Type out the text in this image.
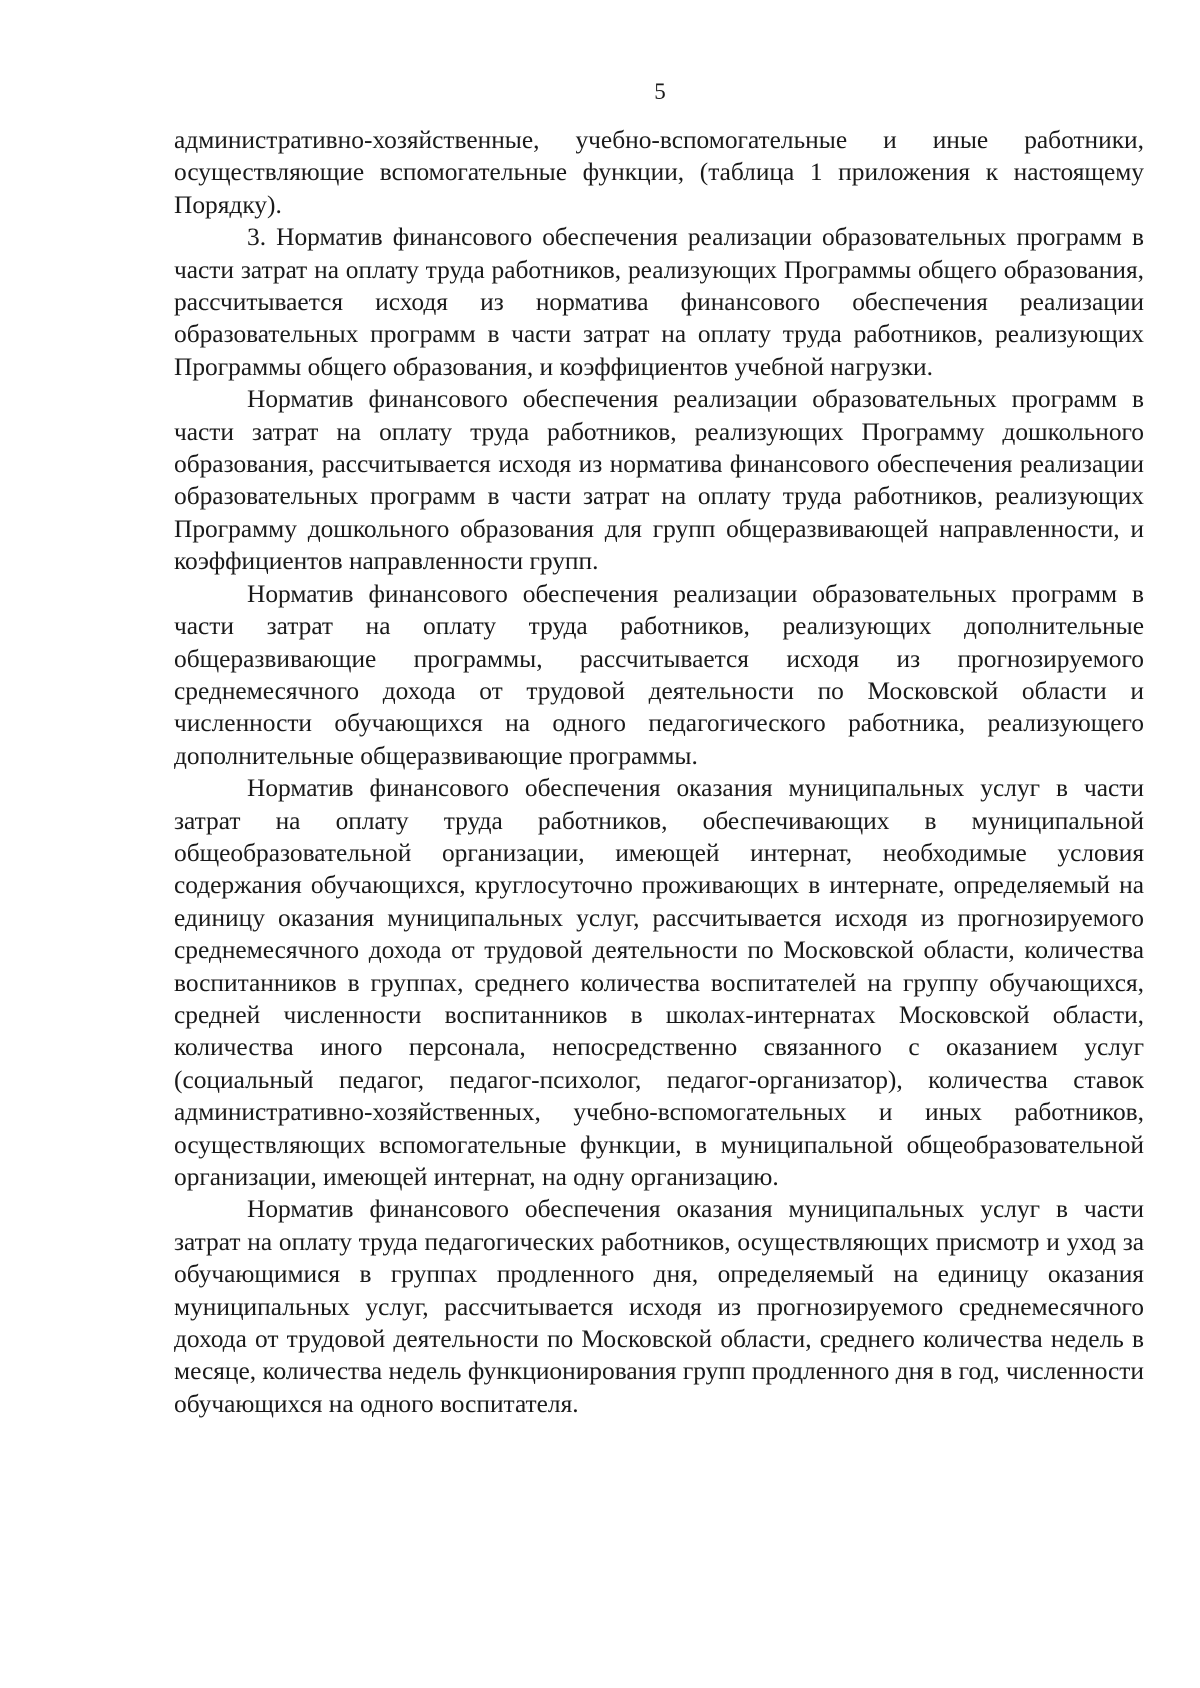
5

административно-хозяйственные, учебно-вспомогательные и иные работники, осуществляющие вспомогательные функции, (таблица 1 приложения к настоящему Порядку).

3. Норматив финансового обеспечения реализации образовательных программ в части затрат на оплату труда работников, реализующих Программы общего образования, рассчитывается исходя из норматива финансового обеспечения реализации образовательных программ в части затрат на оплату труда работников, реализующих Программы общего образования, и коэффициентов учебной нагрузки.

Норматив финансового обеспечения реализации образовательных программ в части затрат на оплату труда работников, реализующих Программу дошкольного образования, рассчитывается исходя из норматива финансового обеспечения реализации образовательных программ в части затрат на оплату труда работников, реализующих Программу дошкольного образования для групп общеразвивающей направленности, и коэффициентов направленности групп.

Норматив финансового обеспечения реализации образовательных программ в части затрат на оплату труда работников, реализующих дополнительные общеразвивающие программы, рассчитывается исходя из прогнозируемого среднемесячного дохода от трудовой деятельности по Московской области и численности обучающихся на одного педагогического работника, реализующего дополнительные общеразвивающие программы.

Норматив финансового обеспечения оказания муниципальных услуг в части затрат на оплату труда работников, обеспечивающих в муниципальной общеобразовательной организации, имеющей интернат, необходимые условия содержания обучающихся, круглосуточно проживающих в интернате, определяемый на единицу оказания муниципальных услуг, рассчитывается исходя из прогнозируемого среднемесячного дохода от трудовой деятельности по Московской области, количества воспитанников в группах, среднего количества воспитателей на группу обучающихся, средней численности воспитанников в школах-интернатах Московской области, количества иного персонала, непосредственно связанного с оказанием услуг (социальный педагог, педагог-психолог, педагог-организатор), количества ставок административно-хозяйственных, учебно-вспомогательных и иных работников, осуществляющих вспомогательные функции, в муниципальной общеобразовательной организации, имеющей интернат, на одну организацию.

Норматив финансового обеспечения оказания муниципальных услуг в части затрат на оплату труда педагогических работников, осуществляющих присмотр и уход за обучающимися в группах продленного дня, определяемый на единицу оказания муниципальных услуг, рассчитывается исходя из прогнозируемого среднемесячного дохода от трудовой деятельности по Московской области, среднего количества недель в месяце, количества недель функционирования групп продленного дня в год, численности обучающихся на одного воспитателя.
